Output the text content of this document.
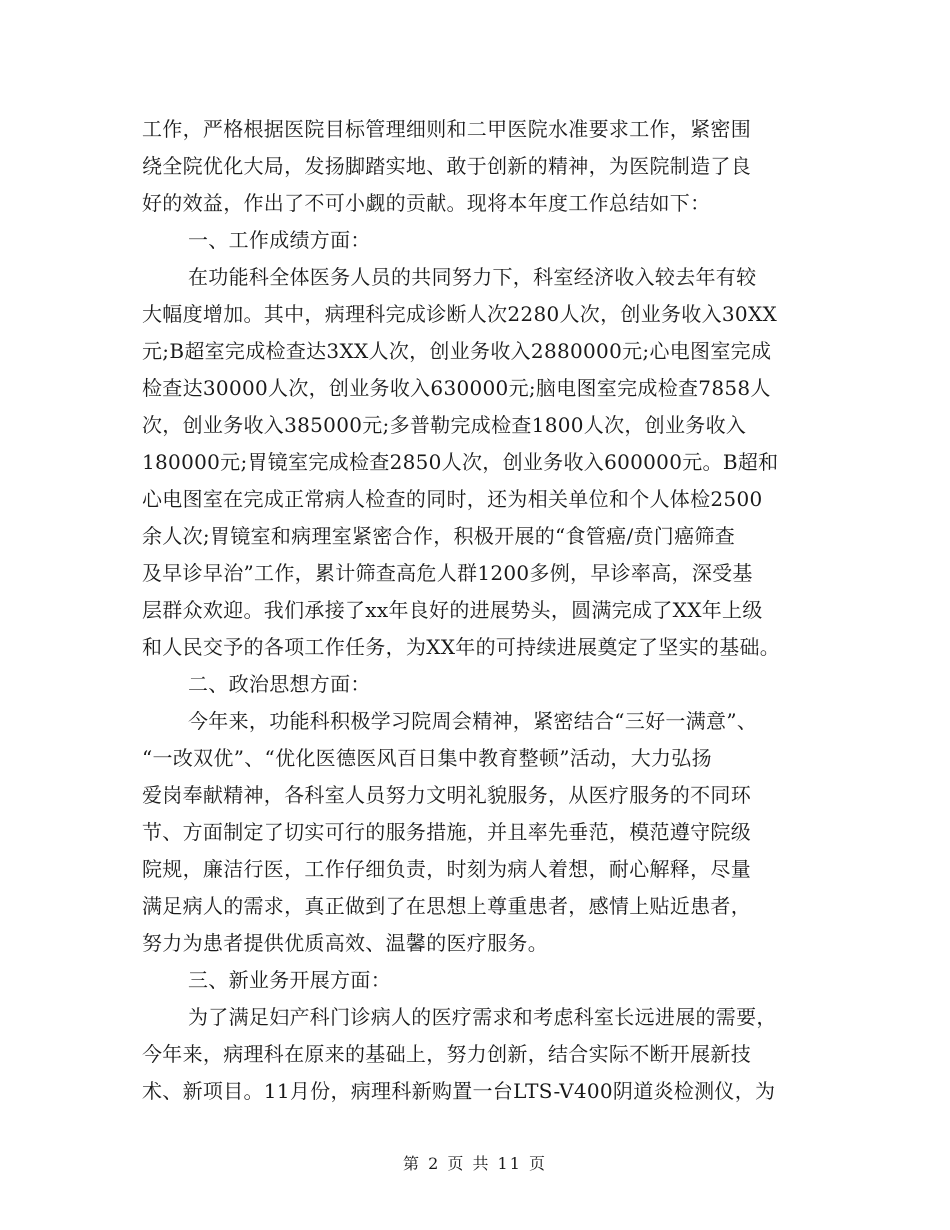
工作，严格根据医院目标管理细则和二甲医院水准要求工作，紧密围
绕全院优化大局，发扬脚踏实地、敢于创新的精神，为医院制造了良
好的效益，作出了不可小觑的贡献。现将本年度工作总结如下：
一、工作成绩方面：
在功能科全体医务人员的共同努力下，科室经济收入较去年有较
大幅度增加。其中，病理科完成诊断人次2280人次，创业务收入30XX
元;B超室完成检查达3XX人次，创业务收入2880000元;心电图室完成
检查达30000人次，创业务收入630000元;脑电图室完成检查7858人
次，创业务收入385000元;多普勒完成检查1800人次，创业务收入
180000元;胃镜室完成检查2850人次，创业务收入600000元。B超和
心电图室在完成正常病人检查的同时，还为相关单位和个人体检2500
余人次;胃镜室和病理室紧密合作，积极开展的“食管癌/贲门癌筛查
及早诊早治”工作，累计筛查高危人群1200多例，早诊率高，深受基
层群众欢迎。我们承接了xx年良好的进展势头，圆满完成了XX年上级
和人民交予的各项工作任务，为XX年的可持续进展奠定了坚实的基础。
二、政治思想方面：
今年来，功能科积极学习院周会精神，紧密结合“三好一满意”、
“一改双优”、“优化医德医风百日集中教育整顿”活动，大力弘扬
爱岗奉献精神，各科室人员努力文明礼貌服务，从医疗服务的不同环
节、方面制定了切实可行的服务措施，并且率先垂范，模范遵守院级
院规，廉洁行医，工作仔细负责，时刻为病人着想，耐心解释，尽量
满足病人的需求，真正做到了在思想上尊重患者，感情上贴近患者，
努力为患者提供优质高效、温馨的医疗服务。
三、新业务开展方面：
为了满足妇产科门诊病人的医疗需求和考虑科室长远进展的需要，
今年来，病理科在原来的基础上，努力创新，结合实际不断开展新技
术、新项目。11月份，病理科新购置一台LTS-V400阴道炎检测仪，为
第 2 页 共 11 页
